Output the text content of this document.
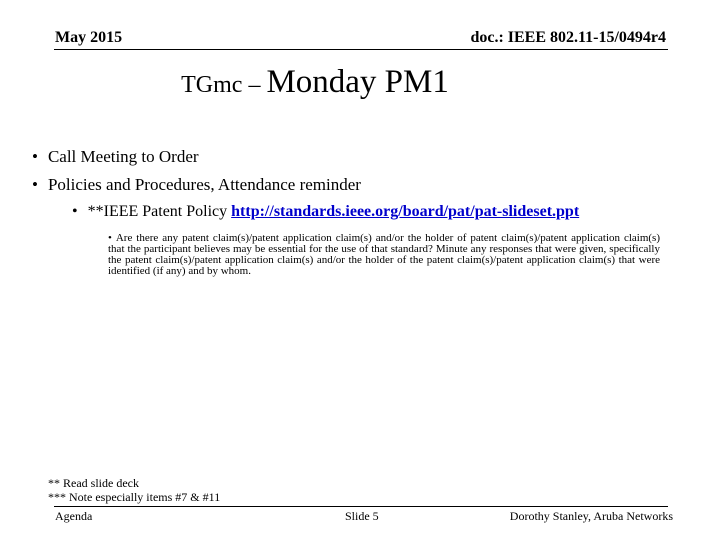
May 2015	doc.: IEEE 802.11-15/0494r4
TGmc – Monday PM1
• Call Meeting to Order
• Policies and Procedures, Attendance reminder
• **IEEE Patent Policy http://standards.ieee.org/board/pat/pat-slideset.ppt
• Are there any patent claim(s)/patent application claim(s) and/or the holder of patent claim(s)/patent application claim(s) that the participant believes may be essential for the use of that standard? Minute any responses that were given, specifically the patent claim(s)/patent application claim(s) and/or the holder of the patent claim(s)/patent application claim(s) that were identified (if any) and by whom.
** Read slide deck
*** Note especially items #7 & #11
Agenda	Slide 5	Dorothy Stanley, Aruba Networks
